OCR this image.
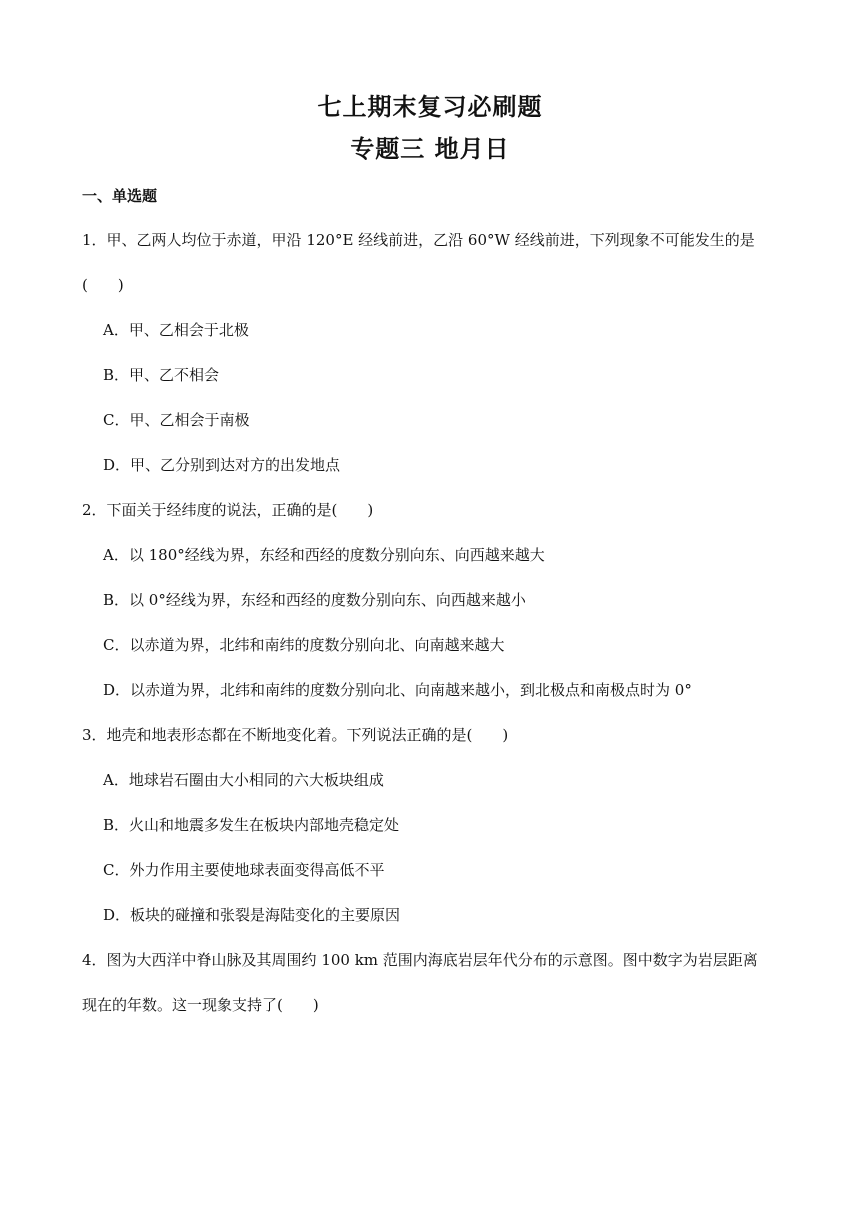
七上期末复习必刷题
专题三 地月日
一、单选题
1．甲、乙两人均位于赤道，甲沿 120°E 经线前进，乙沿 60°W 经线前进，下列现象不可能发生的是
(　　)
A．甲、乙相会于北极
B．甲、乙不相会
C．甲、乙相会于南极
D．甲、乙分别到达对方的出发地点
2．下面关于经纬度的说法，正确的是(　　)
A．以 180°经线为界，东经和西经的度数分别向东、向西越来越大
B．以 0°经线为界，东经和西经的度数分别向东、向西越来越小
C．以赤道为界，北纬和南纬的度数分别向北、向南越来越大
D．以赤道为界，北纬和南纬的度数分别向北、向南越来越小，到北极点和南极点时为 0°
3．地壳和地表形态都在不断地变化着。下列说法正确的是(　　)
A．地球岩石圈由大小相同的六大板块组成
B．火山和地震多发生在板块内部地壳稳定处
C．外力作用主要使地球表面变得高低不平
D．板块的碰撞和张裂是海陆变化的主要原因
4．图为大西洋中脊山脉及其周围约 100 km 范围内海底岩层年代分布的示意图。图中数字为岩层距离
现在的年数。这一现象支持了(　　)
